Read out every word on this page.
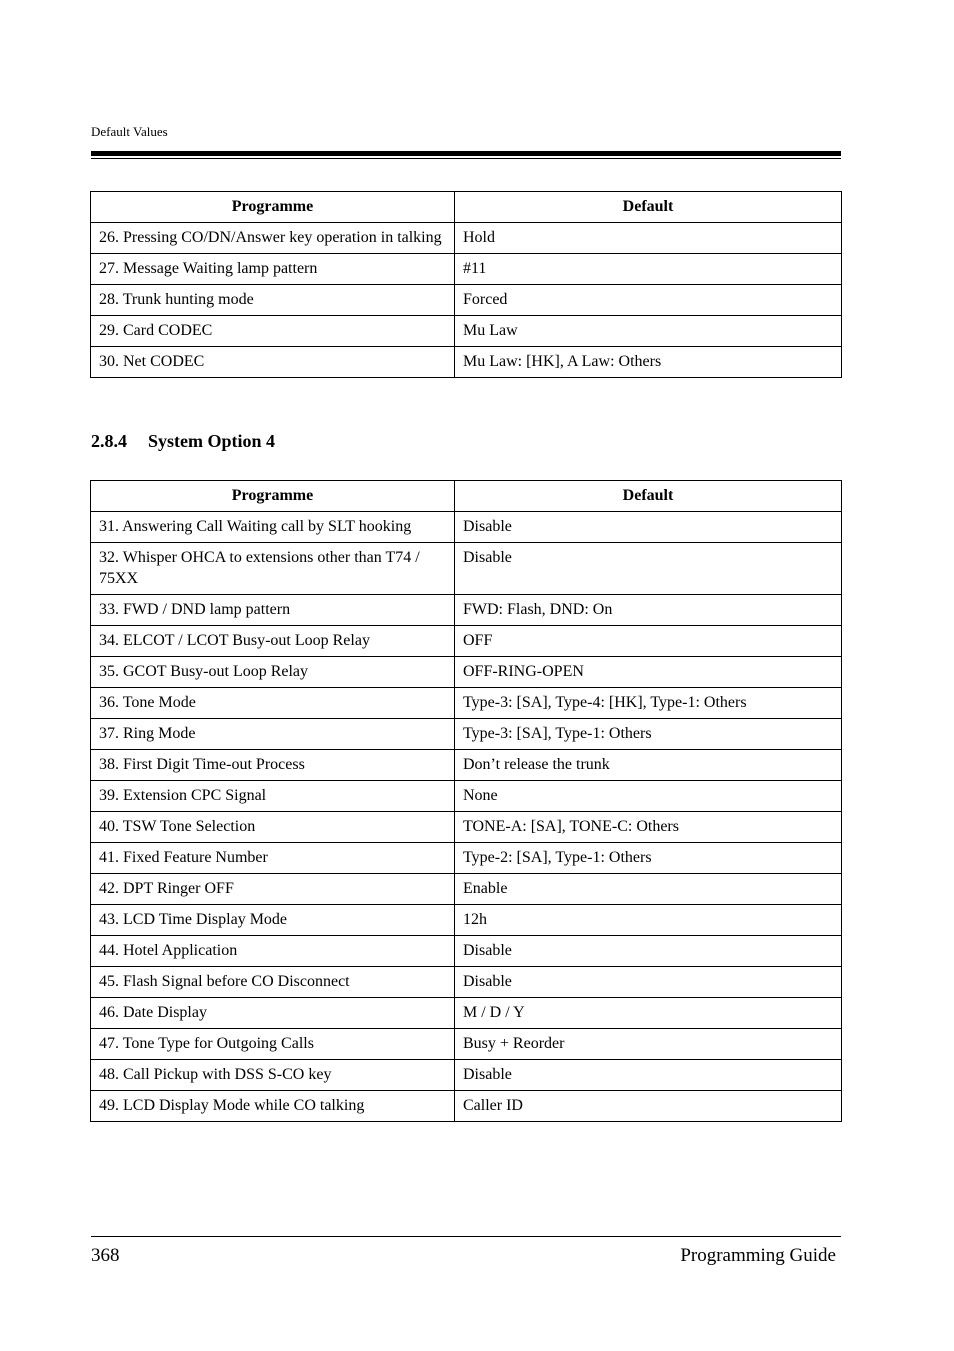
Default Values
Programme	Default
26. Pressing CO/DN/Answer key operation in talking	Hold
27. Message Waiting lamp pattern	#11
28. Trunk hunting mode	Forced
29. Card CODEC	Mu Law
30. Net CODEC	Mu Law: [HK], A Law: Others
2.8.4 System Option 4
Programme	Default
31. Answering Call Waiting call by SLT hooking	Disable
32. Whisper OHCA to extensions other than T74 / 75XX	Disable
33. FWD / DND lamp pattern	FWD: Flash, DND: On
34. ELCOT / LCOT Busy-out Loop Relay	OFF
35. GCOT Busy-out Loop Relay	OFF-RING-OPEN
36. Tone Mode	Type-3: [SA], Type-4: [HK], Type-1: Others
37. Ring Mode	Type-3: [SA], Type-1: Others
38. First Digit Time-out Process	Don’t release the trunk
39. Extension CPC Signal	None
40. TSW Tone Selection	TONE-A: [SA], TONE-C: Others
41. Fixed Feature Number	Type-2: [SA], Type-1: Others
42. DPT Ringer OFF	Enable
43. LCD Time Display Mode	12h
44. Hotel Application	Disable
45. Flash Signal before CO Disconnect	Disable
46. Date Display	M / D / Y
47. Tone Type for Outgoing Calls	Busy + Reorder
48. Call Pickup with DSS S-CO key	Disable
49. LCD Display Mode while CO talking	Caller ID
368	Programming Guide
